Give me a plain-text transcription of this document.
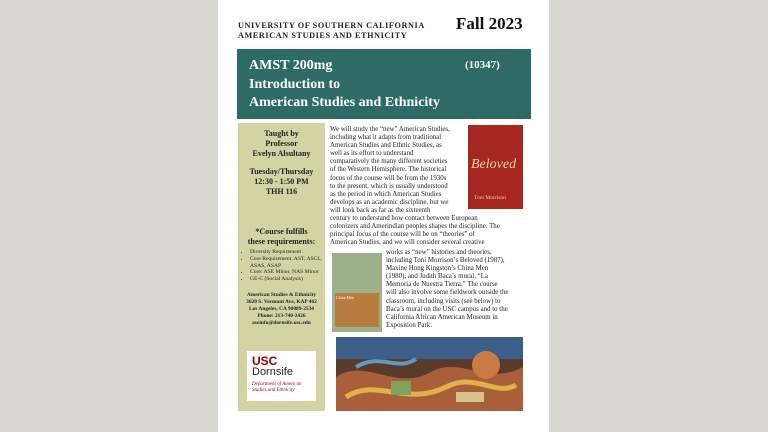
UNIVERSITY OF SOUTHERN CALIFORNIA
AMERICAN STUDIES AND ETHNICITY
Fall 2023
AMST 200mg	(10347)
Introduction to
American Studies and Ethnicity
Taught by
Professor
Evelyn Alsultany
Tuesday/Thursday
12:30 - 1:50 PM
THH 116
*Course fulfills
these requirements:
• Diversity Requirement
• Core Requirement: AST, ASCL, ASAS, ASAP
• Core: ASE Minor, NAS Minor
• GE-C (Social Analysis)
American Studies & Ethnicity
3620 S. Vermont Ave, KAP 462
Los Angeles, CA 90089-2534
Phone: 213-740-2426
aseinfo@dornsife.usc.edu
USC
Dornsife
Department of American
Studies and Ethnicity
We will study the “new” American Studies,
including what it adapts from traditional
American Studies and Ethnic Studies, as
well as its effort to understand
comparatively the many different societies
of the Western Hemisphere. The historical
focus of the course will be from the 1930s
to the present, which is usually understood
as the period in which American Studies
develops as an academic discipline, but we
will look back as far as the sixteenth
century to understand how contact between European
colonizers and Amerindian peoples shapes the discipline. The
principal focus of the course will be on “theories” of
American Studies, and we will consider several creative
works as “new” histories and theories,
including Toni Morrison’s Beloved (1987),
Maxine Hong Kingston’s China Men
(1980), and Judith Baca’s mural, “La
Memoria de Nuestra Tierra.” The course
will also involve some fieldwork outside the
classroom, including visits (see below) to
Baca’s mural on the USC campus and to the
California African American Museum in
Exposition Park.
Beloved
Toni Morrison
China Men
